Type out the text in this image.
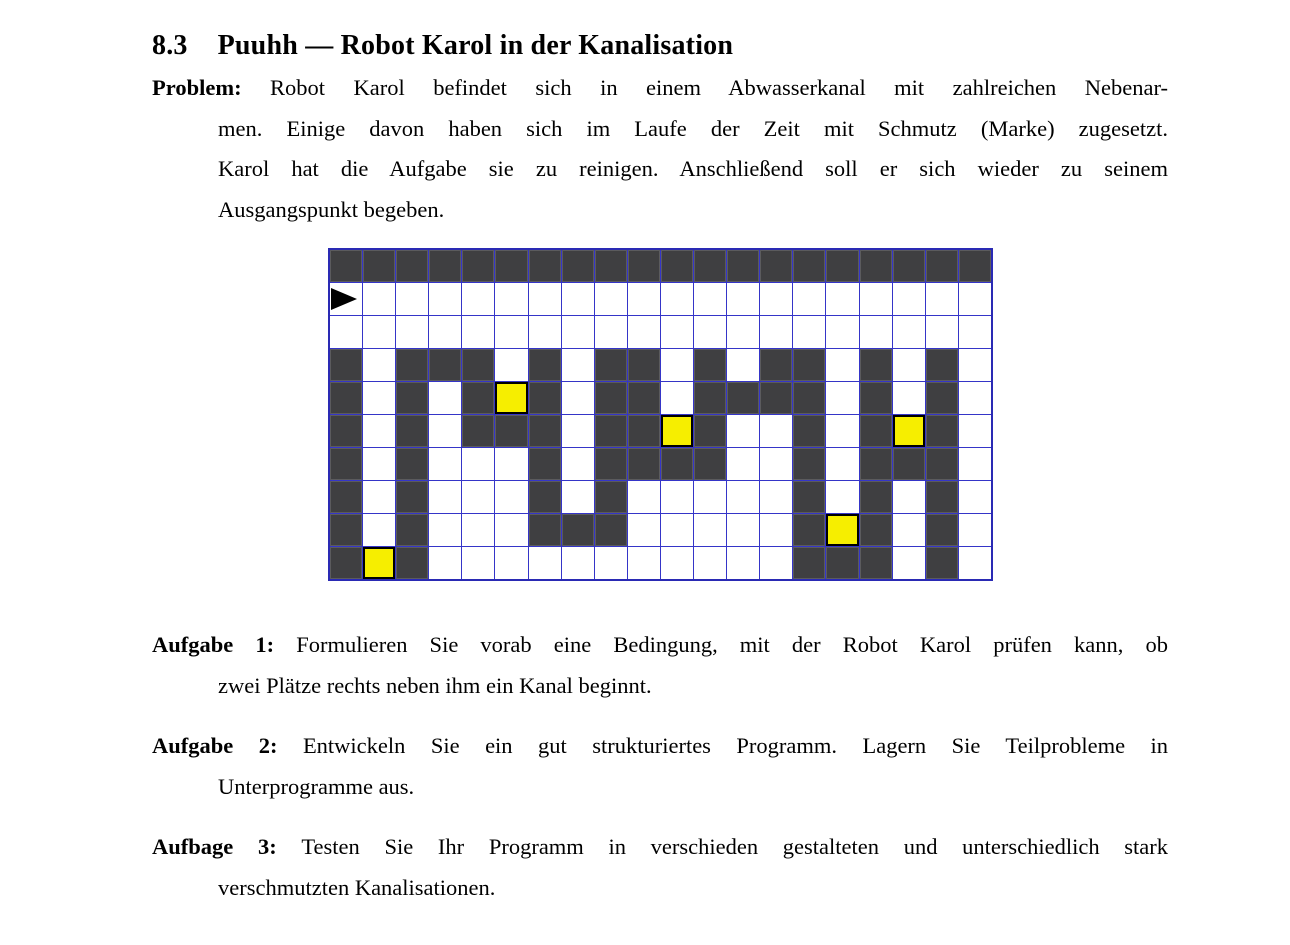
8.3 Puuhh — Robot Karol in der Kanalisation
Problem: Robot Karol befindet sich in einem Abwasserkanal mit zahlreichen Nebenar-
men. Einige davon haben sich im Laufe der Zeit mit Schmutz (Marke) zugesetzt.
Karol hat die Aufgabe sie zu reinigen. Anschließend soll er sich wieder zu seinem
Ausgangspunkt begeben.
Aufgabe 1: Formulieren Sie vorab eine Bedingung, mit der Robot Karol prüfen kann, ob
zwei Plätze rechts neben ihm ein Kanal beginnt.
Aufgabe 2: Entwickeln Sie ein gut strukturiertes Programm. Lagern Sie Teilprobleme in
Unterprogramme aus.
Aufbage 3: Testen Sie Ihr Programm in verschieden gestalteten und unterschiedlich stark
verschmutzten Kanalisationen.
